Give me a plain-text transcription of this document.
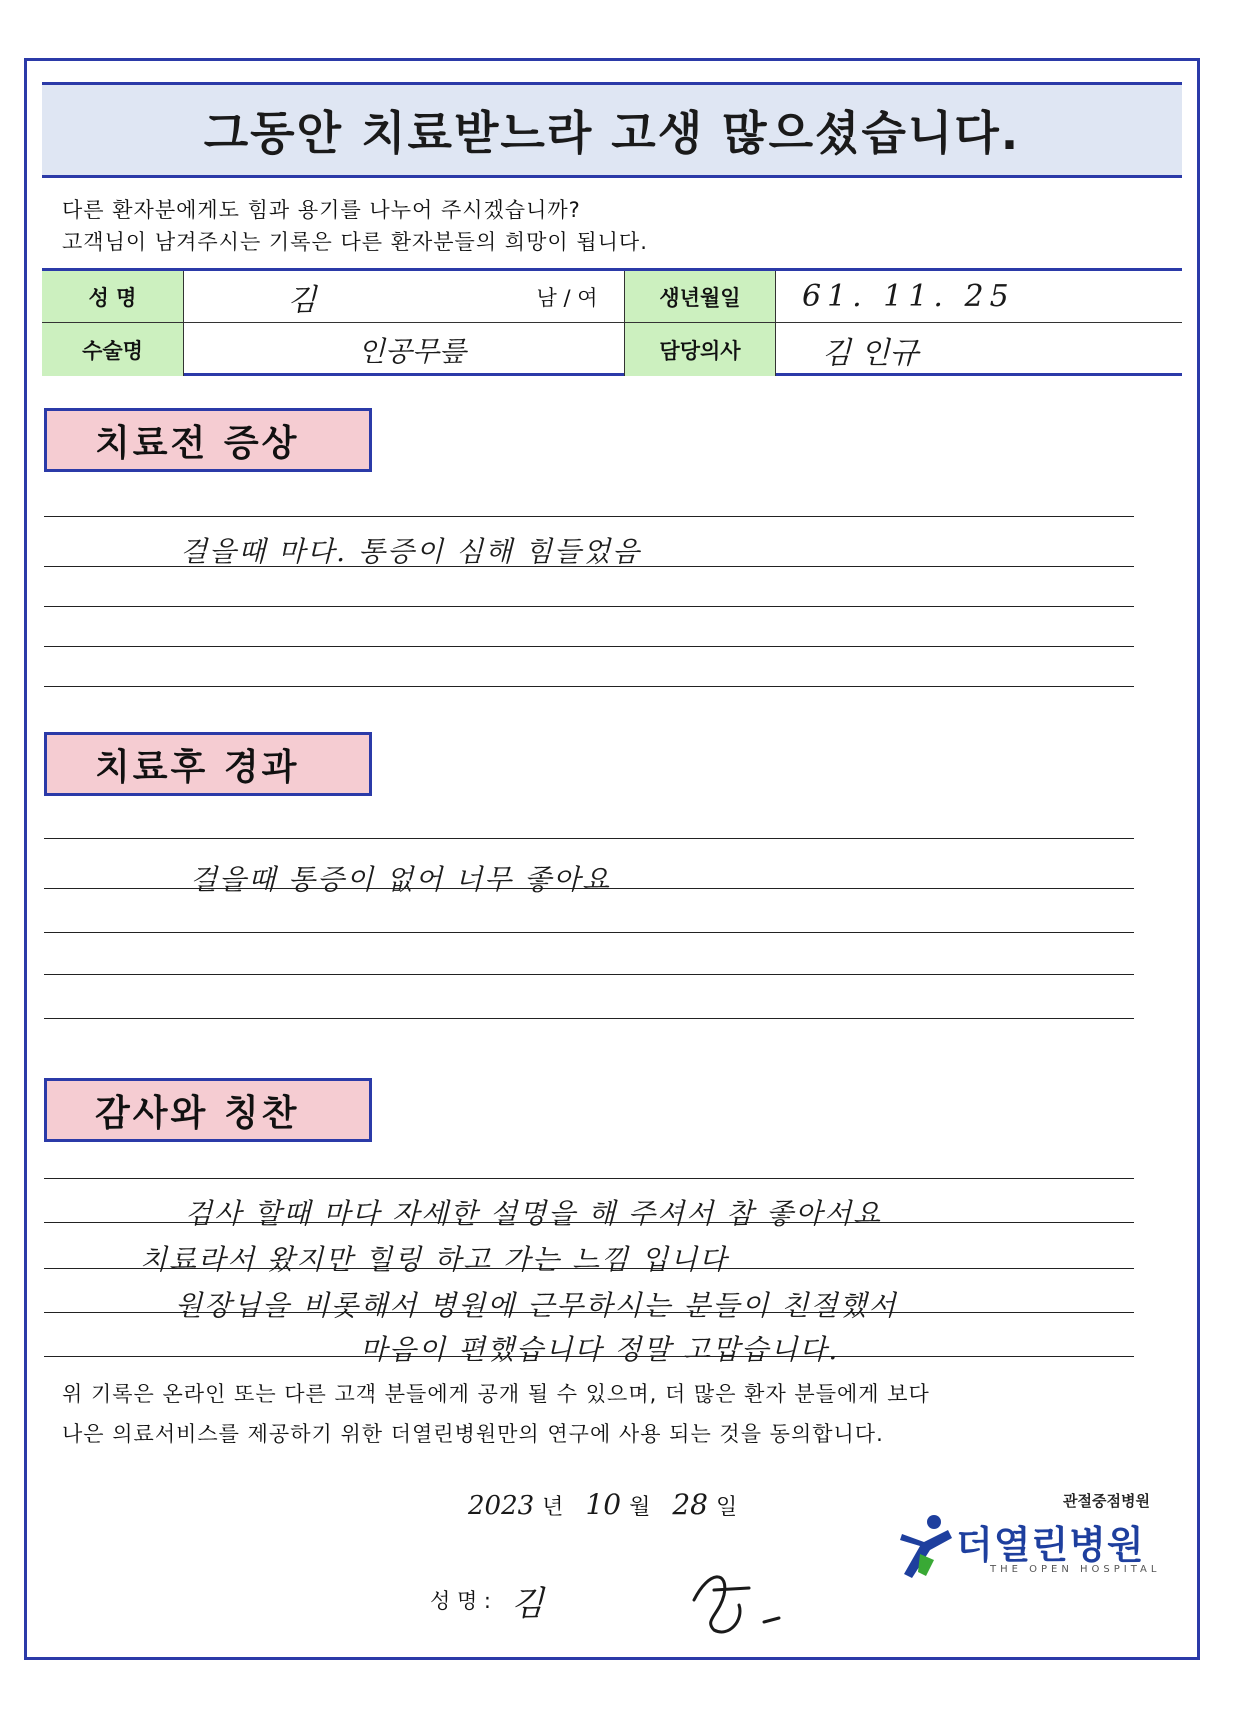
그동안 치료받느라 고생 많으셨습니다.
다른 환자분에게도 힘과 용기를 나누어 주시겠습니까?
고객님이 남겨주시는 기록은 다른 환자분들의 희망이 됩니다.
성 명	김	남 / 여	생년월일	61. 11. 25
수술명	인공무릎	담당의사	김 인규
치료전 증상
걸을때 마다. 통증이 심해 힘들었음
치료후 경과
걸을때 통증이 없어 너무 좋아요
감사와 칭찬
검사 할때 마다 자세한 설명을 해 주셔서 참 좋아서요
치료라서 왔지만 힐링 하고 가는 느낌 입니다
원장님을 비롯해서 병원에 근무하시는 분들이 친절했서
마음이 편했습니다 정말 고맙습니다.
위 기록은 온라인 또는 다른 고객 분들에게 공개 될 수 있으며, 더 많은 환자 분들에게 보다
나은 의료서비스를 제공하기 위한 더열린병원만의 연구에 사용 되는 것을 동의합니다.
2023 년 10 월 28 일
성 명 : 김
관절중점병원
더열린병원
THE OPEN HOSPITAL
